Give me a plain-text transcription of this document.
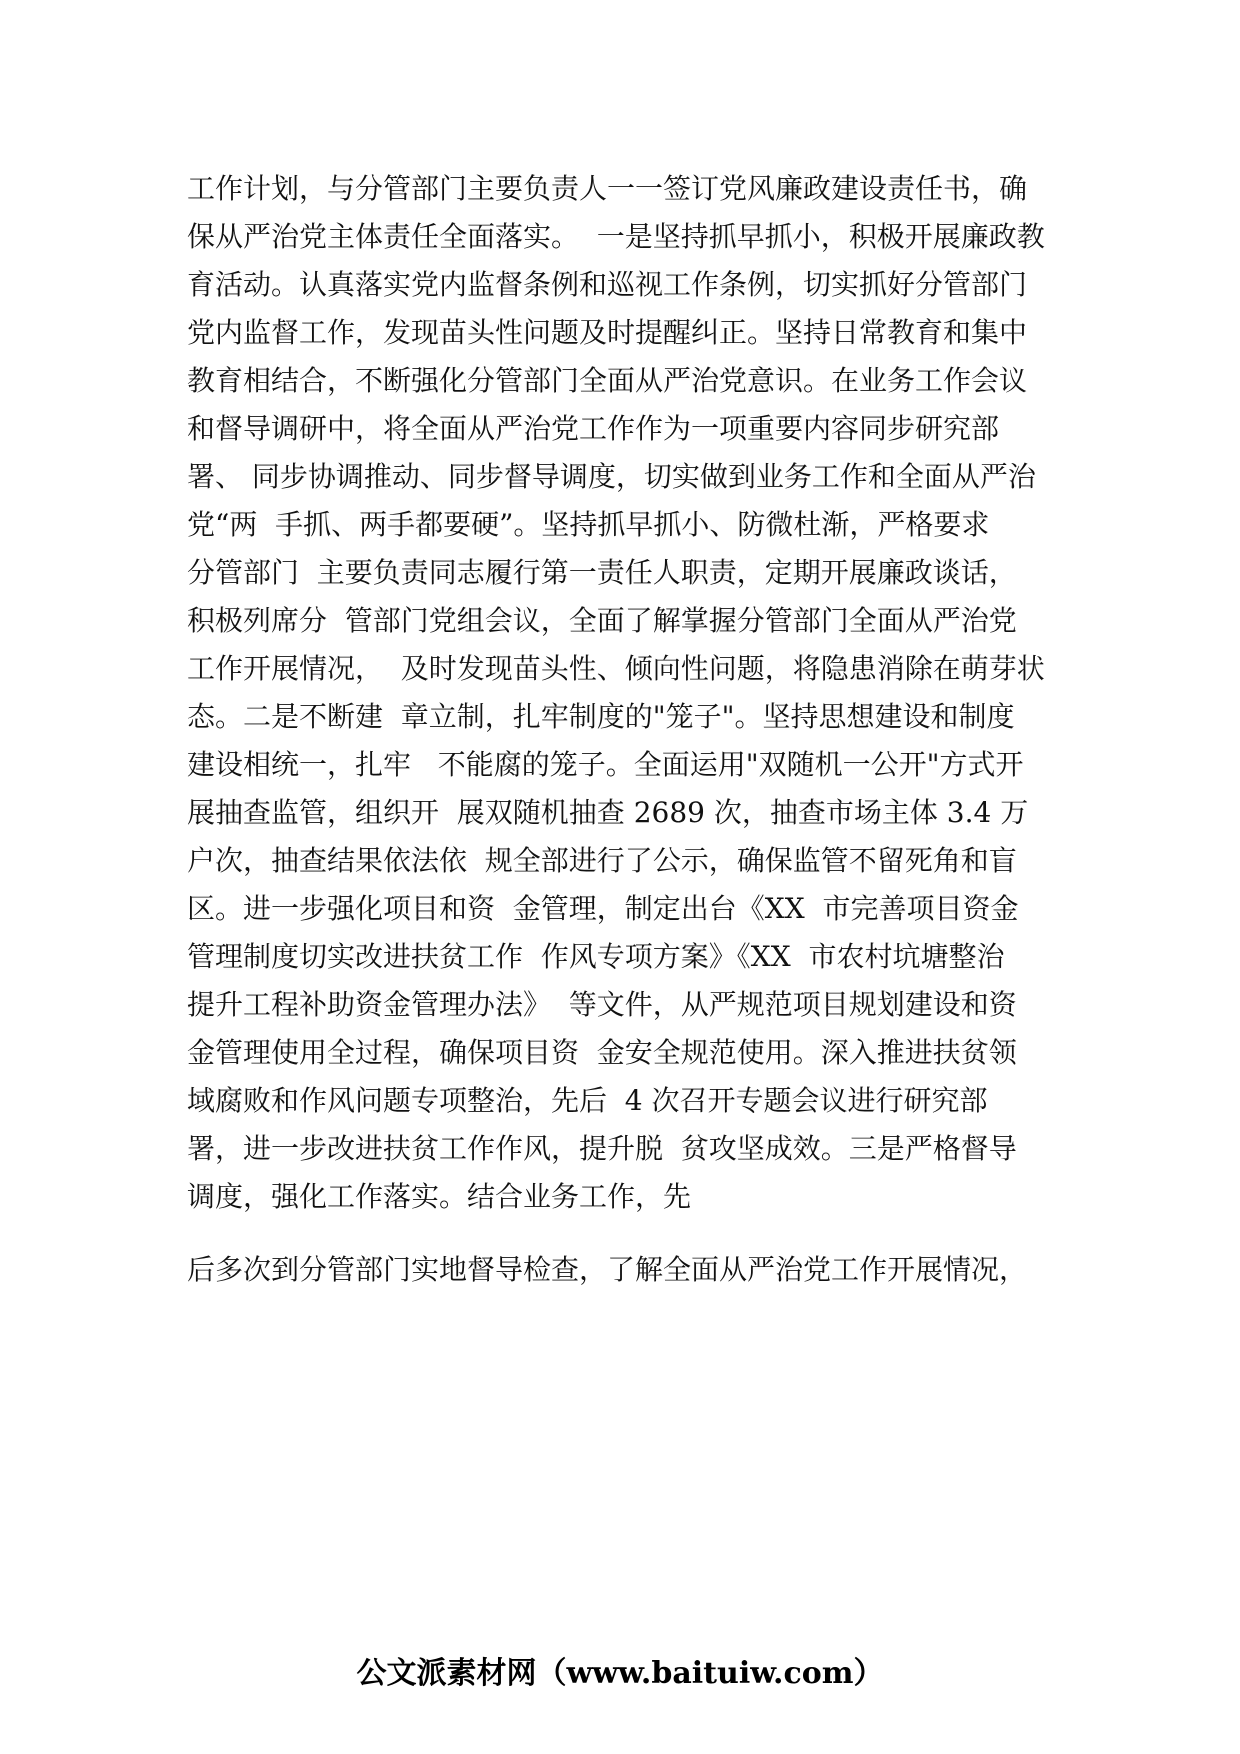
工作计划，与分管部门主要负责人一一签订党风廉政建设责任书，确
保从严治党主体责任全面落实。  一是坚持抓早抓小，积极开展廉政教
育活动。认真落实党内监督条例和巡视工作条例，切实抓好分管部门
党内监督工作，发现苗头性问题及时提醒纠正。坚持日常教育和集中
教育相结合，不断强化分管部门全面从严治党意识。在业务工作会议
和督导调研中，将全面从严治党工作作为一项重要内容同步研究部
署、 同步协调推动、同步督导调度，切实做到业务工作和全面从严治
党“两  手抓、两手都要硬”。坚持抓早抓小、防微杜渐，严格要求
分管部门  主要负责同志履行第一责任人职责，定期开展廉政谈话，
积极列席分  管部门党组会议，全面了解掌握分管部门全面从严治党
工作开展情况，  及时发现苗头性、倾向性问题，将隐患消除在萌芽状
态。二是不断建  章立制，扎牢制度的"笼子"。坚持思想建设和制度
建设相统一，扎牢   不能腐的笼子。全面运用"双随机一公开"方式开
展抽查监管，组织开  展双随机抽查 2689 次，抽查市场主体 3.4 万
户次，抽查结果依法依  规全部进行了公示，确保监管不留死角和盲
区。进一步强化项目和资  金管理，制定出台《XX  市完善项目资金
管理制度切实改进扶贫工作  作风专项方案》《XX  市农村坑塘整治
提升工程补助资金管理办法》  等文件，从严规范项目规划建设和资
金管理使用全过程，确保项目资  金安全规范使用。深入推进扶贫领
域腐败和作风问题专项整治，先后  4 次召开专题会议进行研究部
署，进一步改进扶贫工作作风，提升脱  贫攻坚成效。三是严格督导
调度，强化工作落实。结合业务工作，先
后多次到分管部门实地督导检查，了解全面从严治党工作开展情况，
公文派素材网（www.baituiw.com）
